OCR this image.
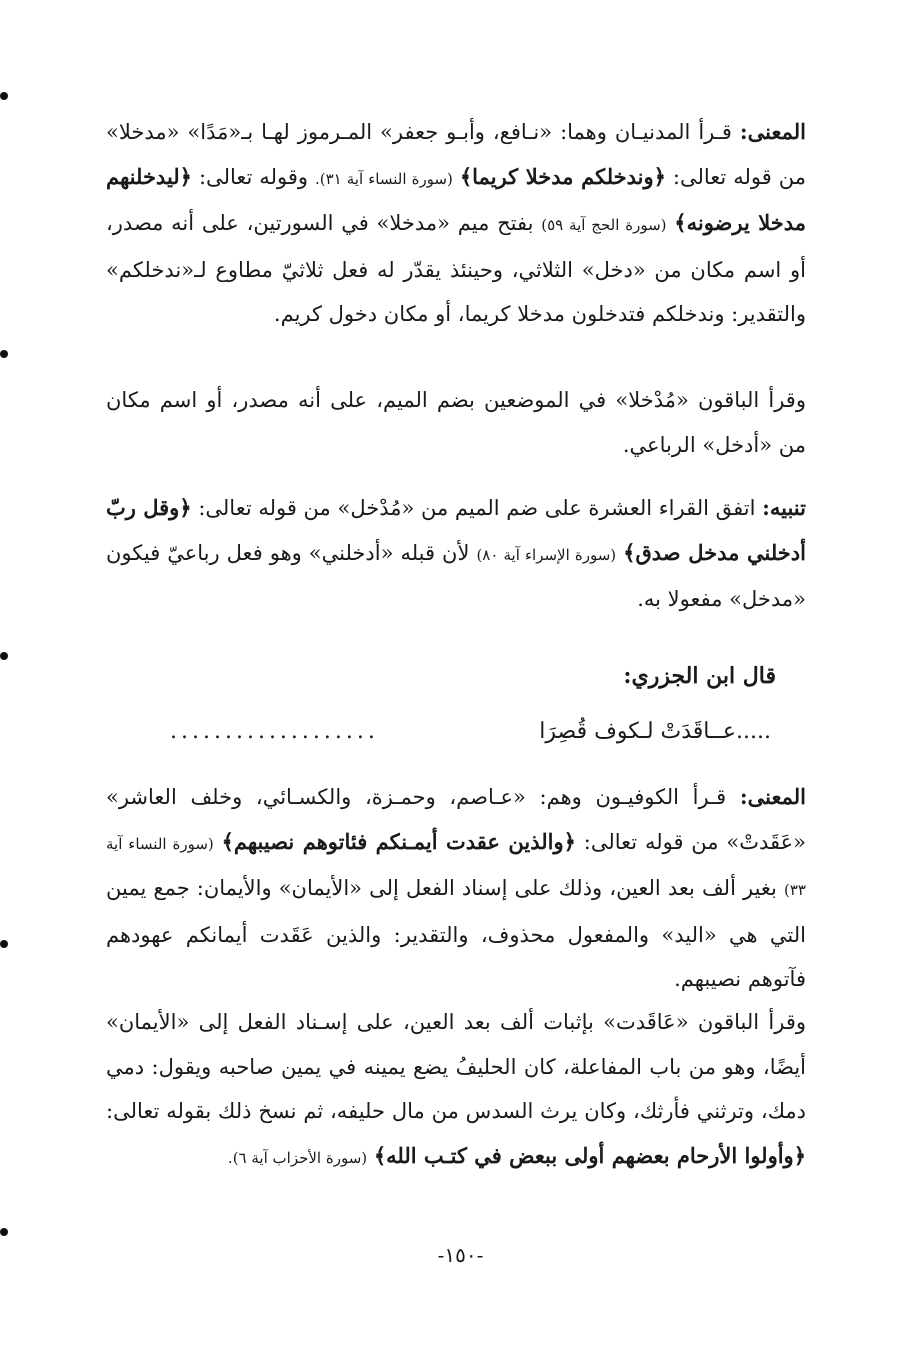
المعنى: قـرأ المدنيـان وهما: «نـافع، وأبـو جعفر» المـرموز لهـا بـ«مَدًا» «مدخلا» من قوله تعالى: ﴿وندخلكم مدخلا كريما﴾ (سورة النساء آية ٣١). وقوله تعالى: ﴿ليدخلنهم مدخلا يرضونه﴾ (سورة الحج آية ٥٩) بفتح ميم «مدخلا» في السورتين، على أنه مصدر، أو اسم مكان من «دخل» الثلاثي، وحينئذ يقدّر له فعل ثلاثيّ مطاوع لـ«ندخلكم» والتقدير: وندخلكم فتدخلون مدخلا كريما، أو مكان دخول كريم.
وقرأ الباقون «مُدْخلا» في الموضعين بضم الميم، على أنه مصدر، أو اسم مكان من «أدخل» الرباعي.
تنبيه: اتفق القراء العشرة على ضم الميم من «مُدْخل» من قوله تعالى: ﴿وقل ربّ أدخلني مدخل صدق﴾ (سورة الإسراء آية ٨٠) لأن قبله «أدخلني» وهو فعل رباعيّ فيكون «مدخل» مفعولا به.
قال ابن الجزري:
.....عــاقَدَتْ لـكوف قُصِرَا
...................
المعنى: قـرأ الكوفيـون وهم: «عـاصم، وحمـزة، والكسـائي، وخلف العاشر» «عَقَدتْ» من قوله تعالى: ﴿والذين عقدت أيمـنكم فئاتوهم نصيبهم﴾ (سورة النساء آية ٣٣) بغير ألف بعد العين، وذلك على إسناد الفعل إلى «الأيمان» والأيمان: جمع يمين التي هي «اليد» والمفعول محذوف، والتقدير: والذين عَقَدت أيمانكم عهودهم فآتوهم نصيبهم.
وقرأ الباقون «عَاقَدت» بإثبات ألف بعد العين، على إسـناد الفعل إلى «الأيمان» أيضًا، وهو من باب المفاعلة، كان الحليفُ يضع يمينه في يمين صاحبه ويقول: دمي دمك، وترثني فأرثك، وكان يرث السدس من مال حليفه، ثم نسخ ذلك بقوله تعالى: ﴿وأولوا الأرحام بعضهم أولى ببعض في كتـب الله﴾ (سورة الأحزاب آية ٦).
-١٥٠-
